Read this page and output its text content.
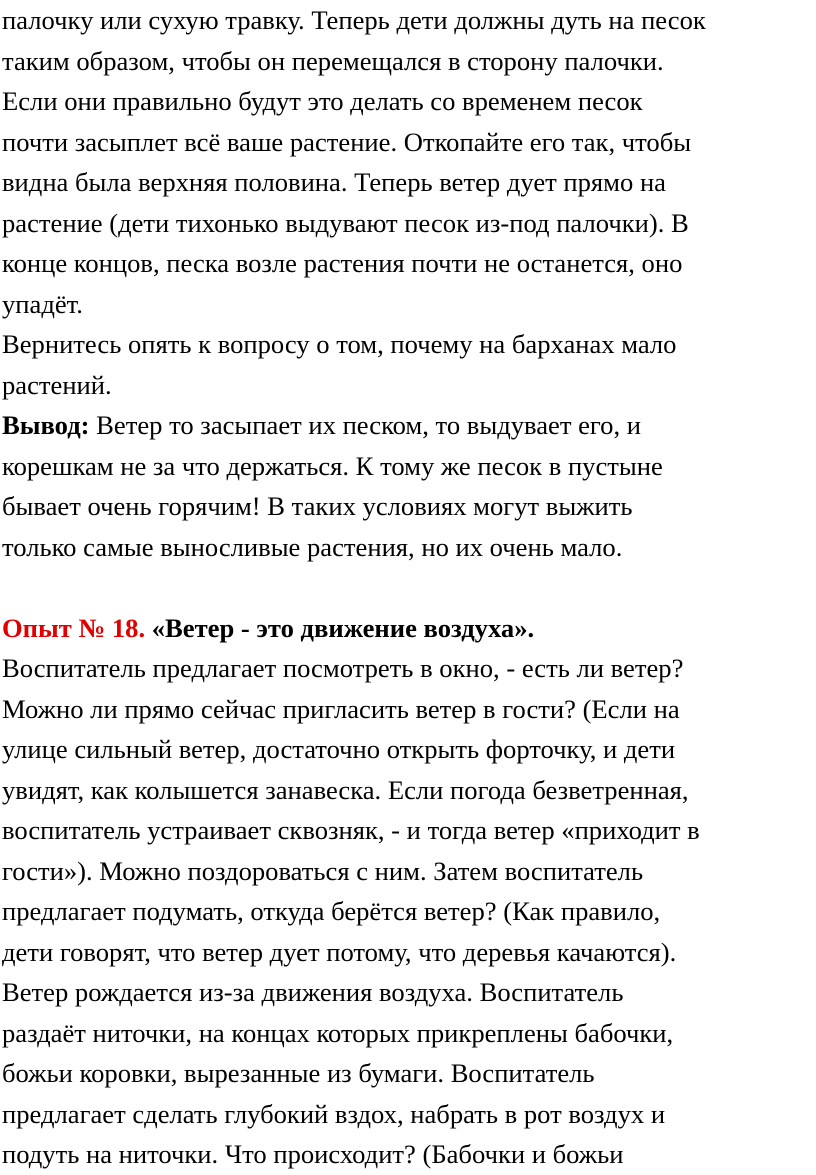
палочку или сухую травку. Теперь дети должны дуть на песок
таким образом, чтобы он перемещался в сторону палочки.
Если они правильно будут это делать со временем песок
почти засыплет всё ваше растение. Откопайте его так, чтобы
видна была верхняя половина. Теперь ветер дует прямо на
растение (дети тихонько выдувают песок из-под палочки). В
конце концов, песка возле растения почти не останется, оно
упадёт.
Вернитесь опять к вопросу о том, почему на барханах мало
растений.
Вывод: Ветер то засыпает их песком, то выдувает его, и
корешкам не за что держаться. К тому же песок в пустыне
бывает очень горячим! В таких условиях могут выжить
только самые выносливые растения, но их очень мало.
Опыт № 18. «Ветер - это движение воздуха».
Воспитатель предлагает посмотреть в окно, - есть ли ветер?
Можно ли прямо сейчас пригласить ветер в гости? (Если на
улице сильный ветер, достаточно открыть форточку, и дети
увидят, как колышется занавеска. Если погода безветренная,
воспитатель устраивает сквозняк, - и тогда ветер «приходит в
гости»). Можно поздороваться с ним. Затем воспитатель
предлагает подумать, откуда берётся ветер? (Как правило,
дети говорят, что ветер дует потому, что деревья качаются).
Ветер рождается из-за движения воздуха. Воспитатель
раздаёт ниточки, на концах которых прикреплены бабочки,
божьи коровки, вырезанные из бумаги. Воспитатель
предлагает сделать глубокий вздох, набрать в рот воздух и
подуть на ниточки. Что происходит? (Бабочки и божьи
